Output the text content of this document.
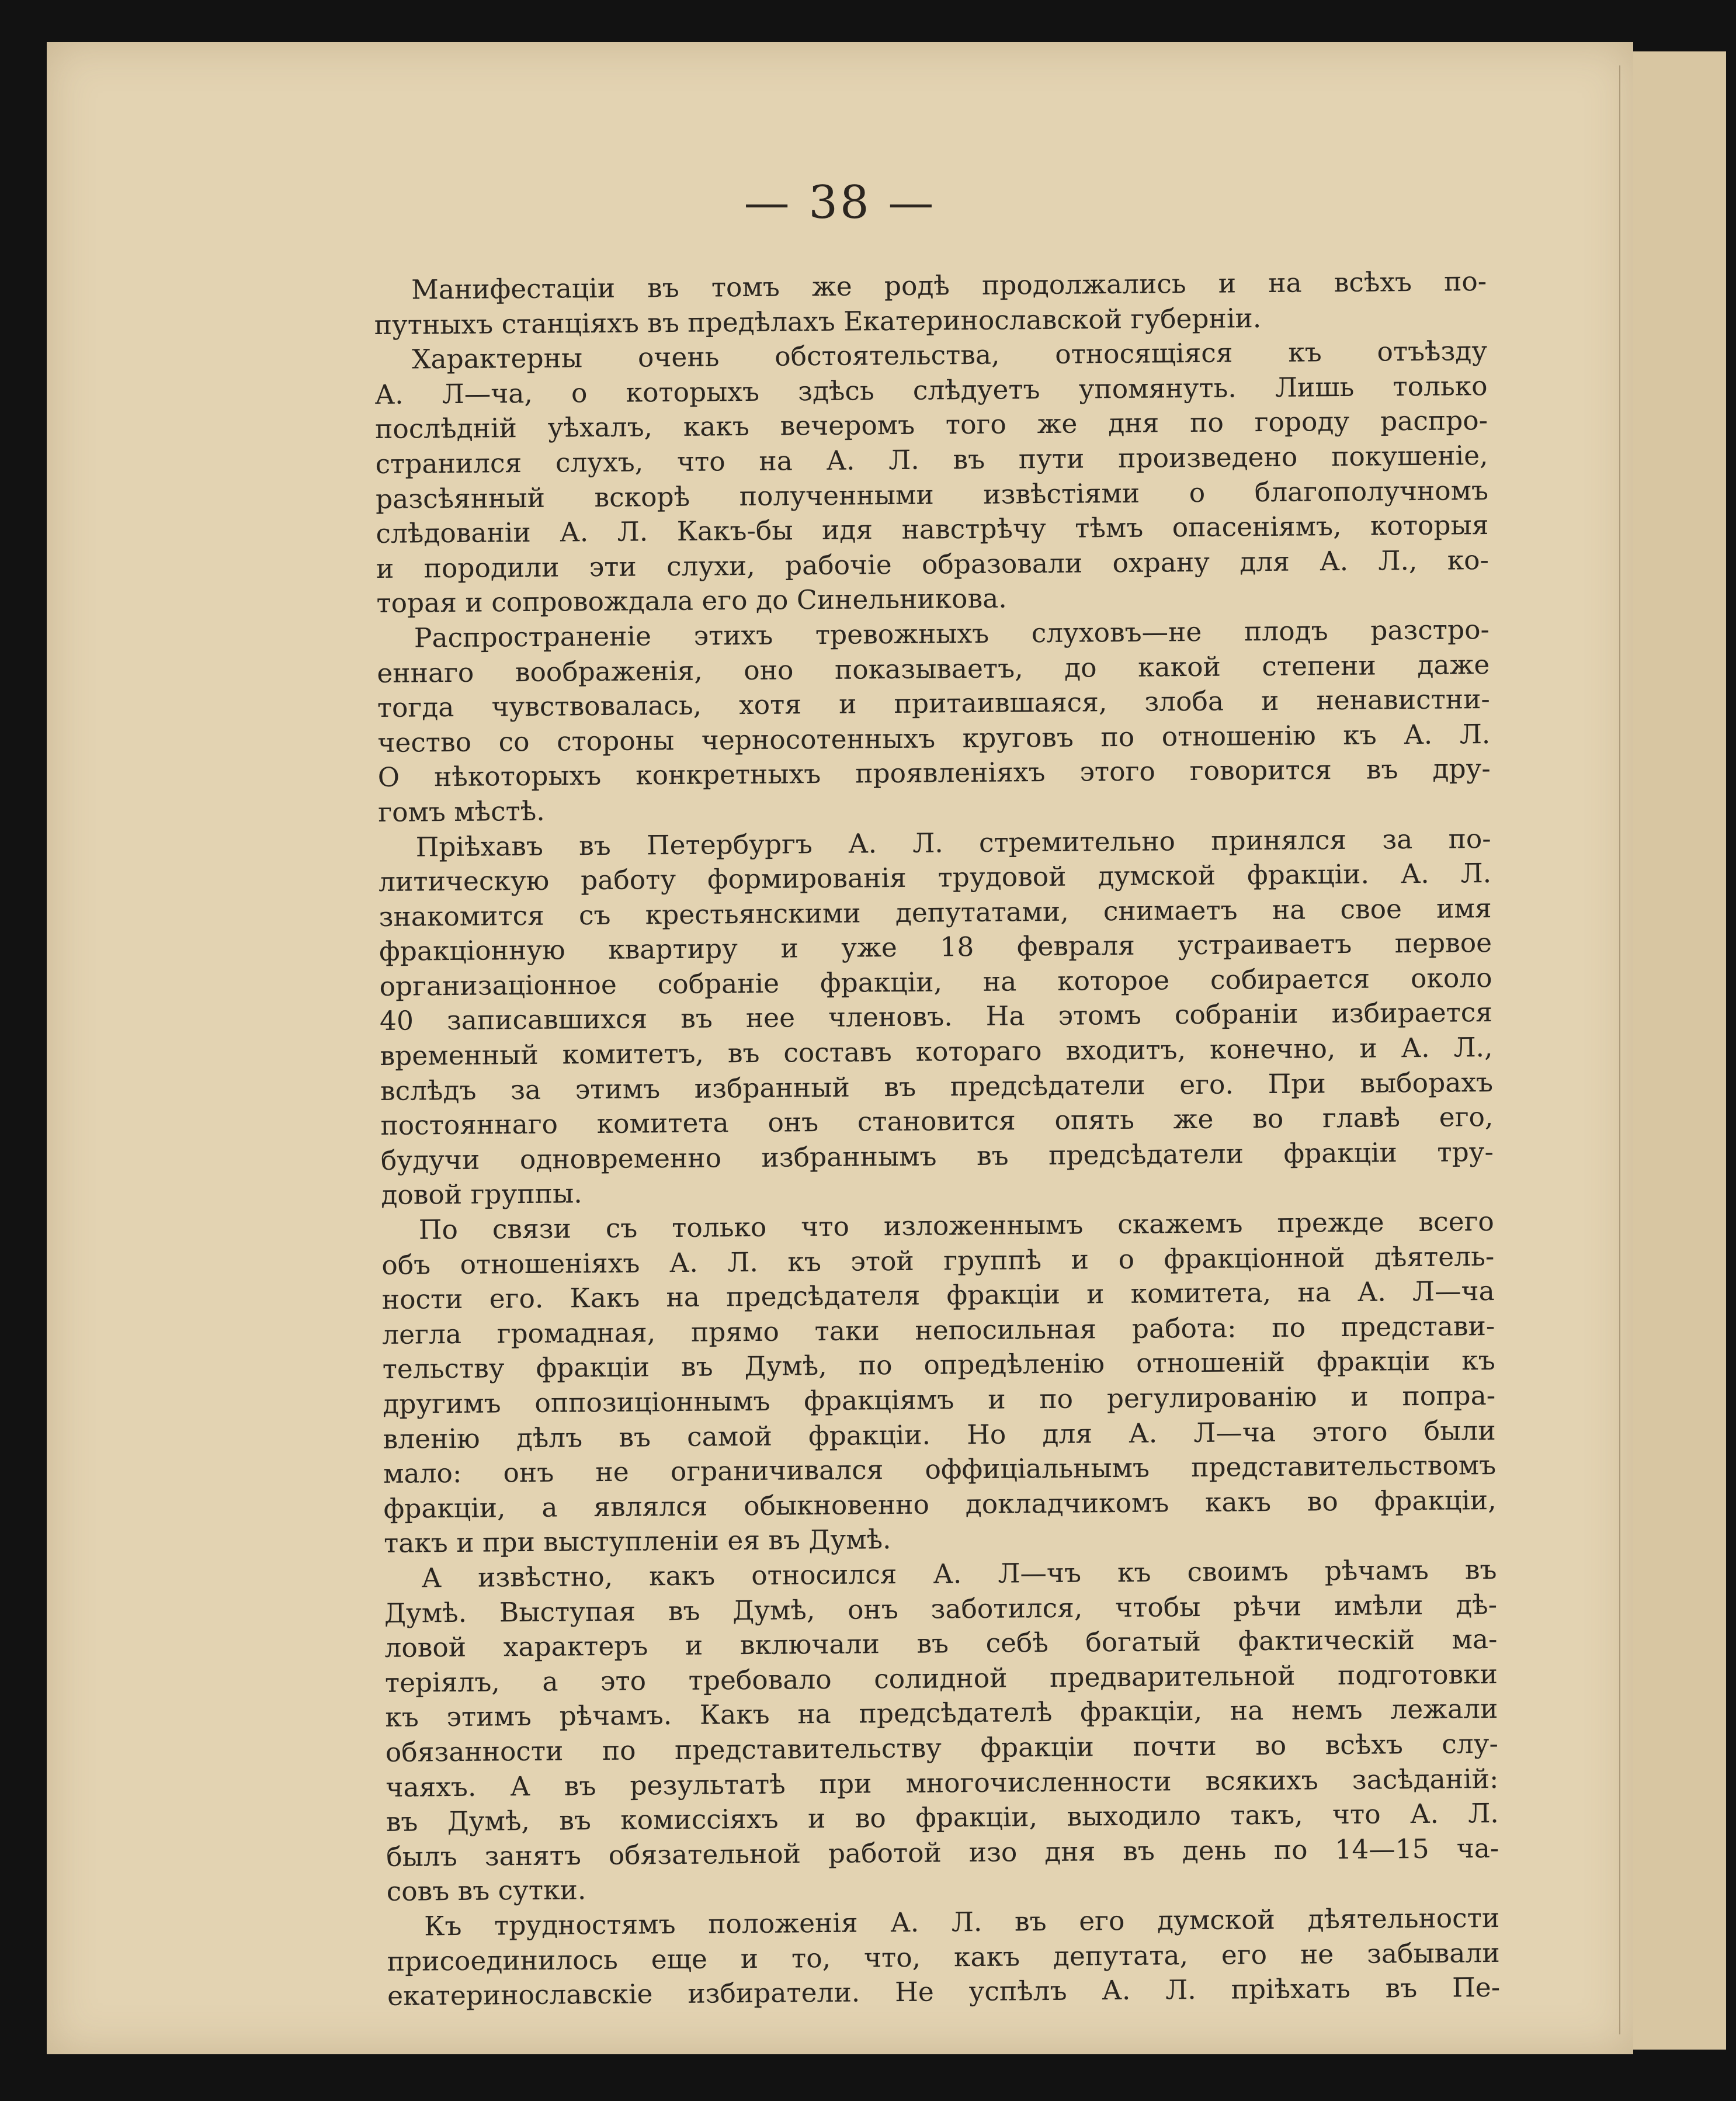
— 38 —
Манифестаціи въ томъ же родѣ продолжались и на всѣхъ по-
путныхъ станціяхъ въ предѣлахъ Екатеринославской губерніи.
Характерны очень обстоятельства, относящіяся къ отъѣзду
А. Л—ча, о которыхъ здѣсь слѣдуетъ упомянуть. Лишь только
послѣдній уѣхалъ, какъ вечеромъ того же дня по городу распро-
странился слухъ, что на А. Л. въ пути произведено покушеніе,
разсѣянный вскорѣ полученными извѣстіями о благополучномъ
слѣдованіи А. Л. Какъ-бы идя навстрѣчу тѣмъ опасеніямъ, которыя
и породили эти слухи, рабочіе образовали охрану для А. Л., ко-
торая и сопровождала его до Синельникова.
Распространеніе этихъ тревожныхъ слуховъ—не плодъ разстро-
еннаго воображенія, оно показываетъ, до какой степени даже
тогда чувствовалась, хотя и притаившаяся, злоба и ненавистни-
чество со стороны черносотенныхъ круговъ по отношенію къ А. Л.
О нѣкоторыхъ конкретныхъ проявленіяхъ этого говорится въ дру-
гомъ мѣстѣ.
Пріѣхавъ въ Петербургъ А. Л. стремительно принялся за по-
литическую работу формированія трудовой думской фракціи. А. Л.
знакомится съ крестьянскими депутатами, снимаетъ на свое имя
фракціонную квартиру и уже 18 февраля устраиваетъ первое
организаціонное собраніе фракціи, на которое собирается около
40 записавшихся въ нее членовъ. На этомъ собраніи избирается
временный комитетъ, въ составъ котораго входитъ, конечно, и А. Л.,
вслѣдъ за этимъ избранный въ предсѣдатели его. При выборахъ
постояннаго комитета онъ становится опять же во главѣ его,
будучи одновременно избраннымъ въ предсѣдатели фракціи тру-
довой группы.
По связи съ только что изложеннымъ скажемъ прежде всего
объ отношеніяхъ А. Л. къ этой группѣ и о фракціонной дѣятель-
ности его. Какъ на предсѣдателя фракціи и комитета, на А. Л—ча
легла громадная, прямо таки непосильная работа: по представи-
тельству фракціи въ Думѣ, по опредѣленію отношеній фракціи къ
другимъ оппозиціоннымъ фракціямъ и по регулированію и попра-
вленію дѣлъ въ самой фракціи. Но для А. Л—ча этого были
мало: онъ не ограничивался оффиціальнымъ представительствомъ
фракціи, а являлся обыкновенно докладчикомъ какъ во фракціи,
такъ и при выступленіи ея въ Думѣ.
А извѣстно, какъ относился А. Л—чъ къ своимъ рѣчамъ въ
Думѣ. Выступая въ Думѣ, онъ заботился, чтобы рѣчи имѣли дѣ-
ловой характеръ и включали въ себѣ богатый фактическій ма-
теріялъ, а это требовало солидной предварительной подготовки
къ этимъ рѣчамъ. Какъ на предсѣдателѣ фракціи, на немъ лежали
обязанности по представительству фракціи почти во всѣхъ слу-
чаяхъ. А въ результатѣ при многочисленности всякихъ засѣданій:
въ Думѣ, въ комиссіяхъ и во фракціи, выходило такъ, что А. Л.
былъ занятъ обязательной работой изо дня въ день по 14—15 ча-
совъ въ сутки.
Къ трудностямъ положенія А. Л. въ его думской дѣятельности
присоединилось еще и то, что, какъ депутата, его не забывали
екатеринославскіе избиратели. Не успѣлъ А. Л. пріѣхать въ Пе-
